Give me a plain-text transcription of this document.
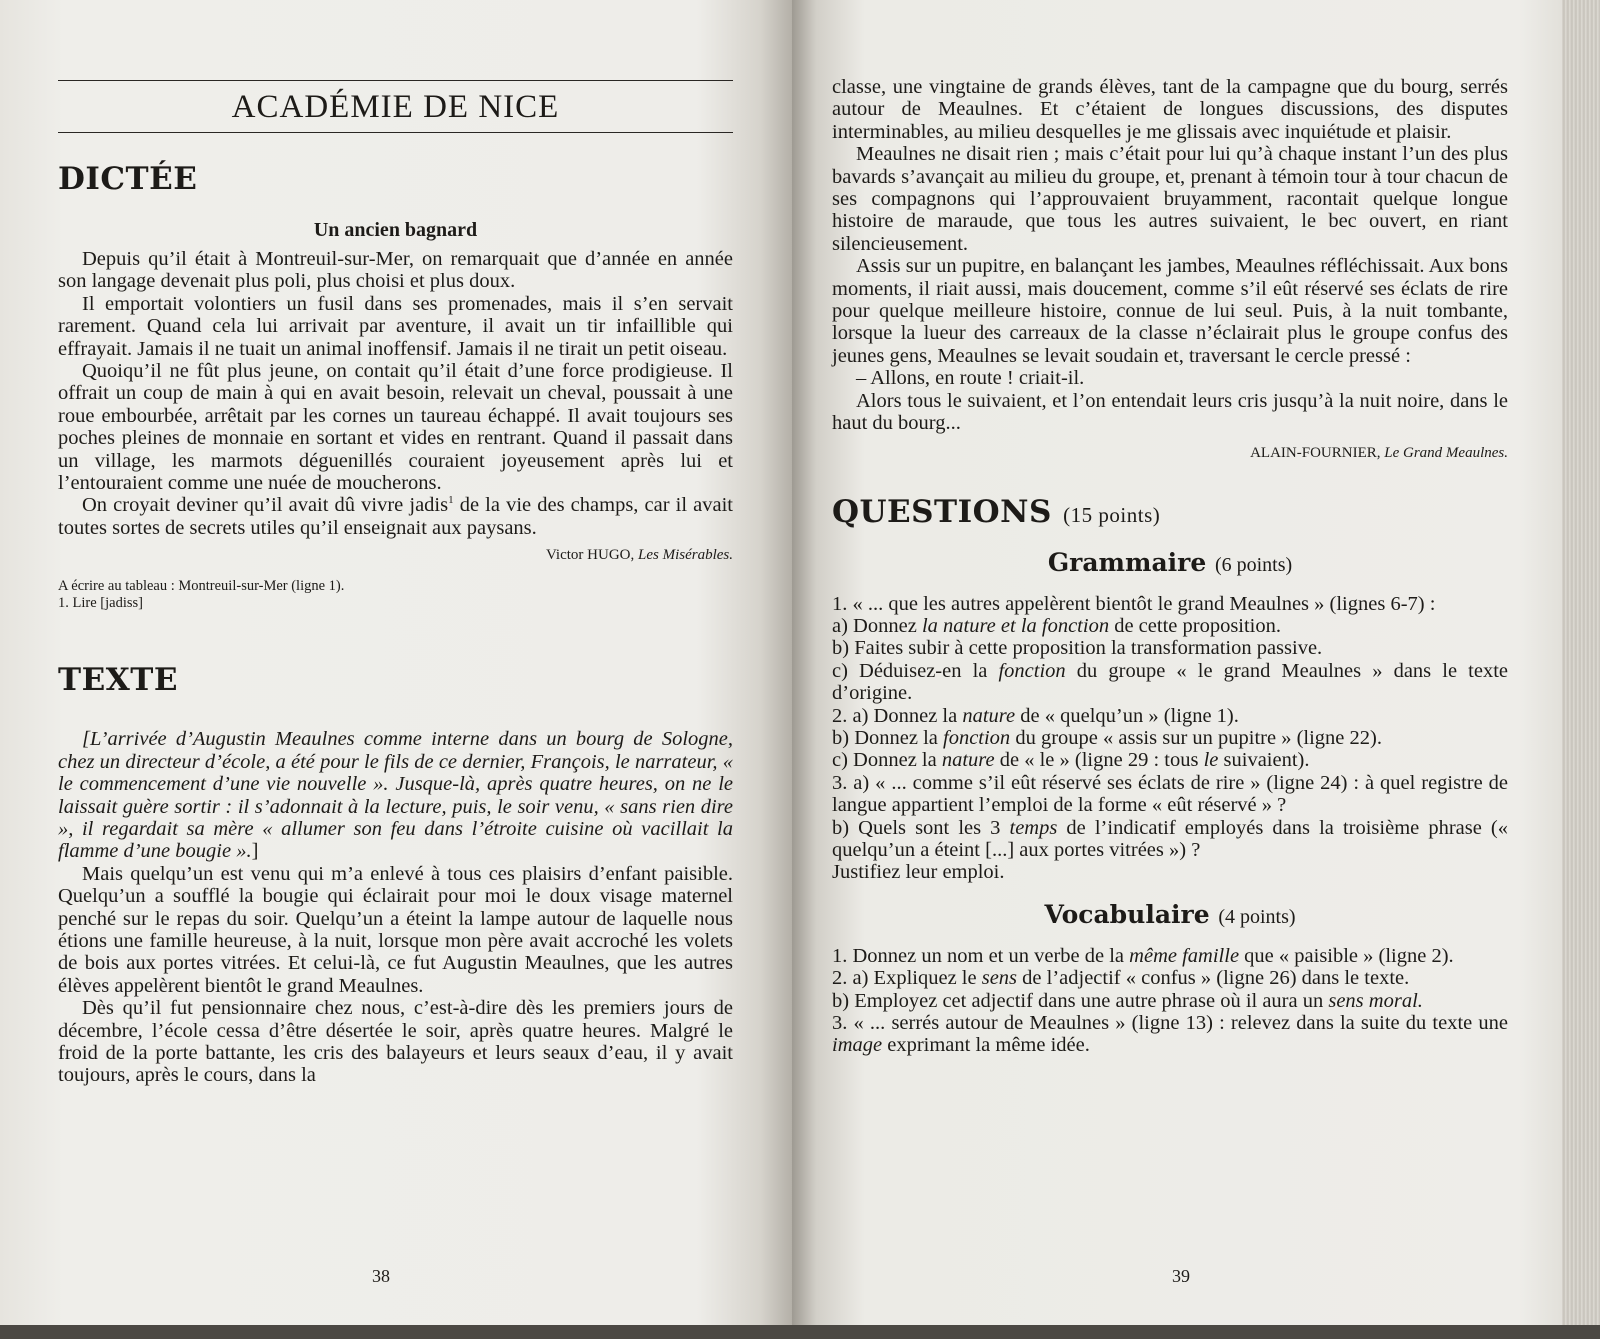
ACADÉMIE DE NICE
DICTÉE
Un ancien bagnard

Depuis qu’il était à Montreuil-sur-Mer, on remarquait que d’année en année son langage devenait plus poli, plus choisi et plus doux.

Il emportait volontiers un fusil dans ses promenades, mais il s’en servait rarement. Quand cela lui arrivait par aventure, il avait un tir infaillible qui effrayait. Jamais il ne tuait un animal inoffensif. Jamais il ne tirait un petit oiseau.

Quoiqu’il ne fût plus jeune, on contait qu’il était d’une force prodigieuse. Il offrait un coup de main à qui en avait besoin, relevait un cheval, poussait à une roue embourbée, arrêtait par les cornes un taureau échappé. Il avait toujours ses poches pleines de monnaie en sortant et vides en rentrant. Quand il passait dans un village, les marmots déguenillés couraient joyeusement après lui et l’entouraient comme une nuée de moucherons.

On croyait deviner qu’il avait dû vivre jadis$^1$ de la vie des champs, car il avait toutes sortes de secrets utiles qu’il enseignait aux paysans.

Victor HUGO, Les Misérables.

A écrire au tableau : Montreuil-sur-Mer (ligne 1).

1. Lire [jadiss]

TEXTE

[L’arrivée d’Augustin Meaulnes comme interne dans un bourg de Sologne, chez un directeur d’école, a été pour le fils de ce dernier, François, le narrateur, « le commencement d’une vie nouvelle ». Jusque-là, après quatre heures, on ne le laissait guère sortir : il s’adonnait à la lecture, puis, le soir venu, « sans rien dire », il regardait sa mère « allumer son feu dans l’étroite cuisine où vacillait la flamme d’une bougie ».]

Mais quelqu’un est venu qui m’a enlevé à tous ces plaisirs d’enfant paisible. Quelqu’un a soufflé la bougie qui éclairait pour moi le doux visage maternel penché sur le repas du soir. Quelqu’un a éteint la lampe autour de laquelle nous étions une famille heureuse, à la nuit, lorsque mon père avait accroché les volets de bois aux portes vitrées. Et celui-là, ce fut Augustin Meaulnes, que les autres élèves appelèrent bientôt le grand Meaulnes.

Dès qu’il fut pensionnaire chez nous, c’est-à-dire dès les premiers jours de décembre, l’école cessa d’être désertée le soir, après quatre heures. Malgré le froid de la porte battante, les cris des balayeurs et leurs seaux d’eau, il y avait toujours, après le cours, dans la

38

classe, une vingtaine de grands élèves, tant de la campagne que du bourg, serrés autour de Meaulnes. Et c’étaient de longues discussions, des disputes interminables, au milieu desquelles je me glissais avec inquiétude et plaisir.

Meaulnes ne disait rien ; mais c’était pour lui qu’à chaque instant l’un des plus bavards s’avançait au milieu du groupe, et, prenant à témoin tour à tour chacun de ses compagnons qui l’approuvaient bruyamment, racontait quelque longue histoire de maraude, que tous les autres suivaient, le bec ouvert, en riant silencieusement.

Assis sur un pupitre, en balançant les jambes, Meaulnes réfléchissait. Aux bons moments, il riait aussi, mais doucement, comme s’il eût réservé ses éclats de rire pour quelque meilleure histoire, connue de lui seul. Puis, à la nuit tombante, lorsque la lueur des carreaux de la classe n’éclairait plus le groupe confus des jeunes gens, Meaulnes se levait soudain et, traversant le cercle pressé :

– Allons, en route ! criait-il.

Alors tous le suivaient, et l’on entendait leurs cris jusqu’à la nuit noire, dans le haut du bourg...

ALAIN-FOURNIER, Le Grand Meaulnes.
QUESTIONS (15 points)
Grammaire (6 points)

1. « ... que les autres appelèrent bientôt le grand Meaulnes » (lignes 6-7) :

a) Donnez la nature et la fonction de cette proposition.

b) Faites subir à cette proposition la transformation passive.

c) Déduisez-en la fonction du groupe « le grand Meaulnes » dans le texte d’origine.

2. a) Donnez la nature de « quelqu’un » (ligne 1).

b) Donnez la fonction du groupe « assis sur un pupitre » (ligne 22).

c) Donnez la nature de « le » (ligne 29 : tous le suivaient).

3. a) « ... comme s’il eût réservé ses éclats de rire » (ligne 24) : à quel registre de langue appartient l’emploi de la forme « eût réservé » ?

b) Quels sont les 3 temps de l’indicatif employés dans la troisième phrase (« quelqu’un a éteint [...] aux portes vitrées ») ?

Justifiez leur emploi.

Vocabulaire (4 points)

1. Donnez un nom et un verbe de la même famille que « paisible » (ligne 2).

2. a) Expliquez le sens de l’adjectif « confus » (ligne 26) dans le texte.

b) Employez cet adjectif dans une autre phrase où il aura un sens moral.

3. « ... serrés autour de Meaulnes » (ligne 13) : relevez dans la suite du texte une image exprimant la même idée.

39
